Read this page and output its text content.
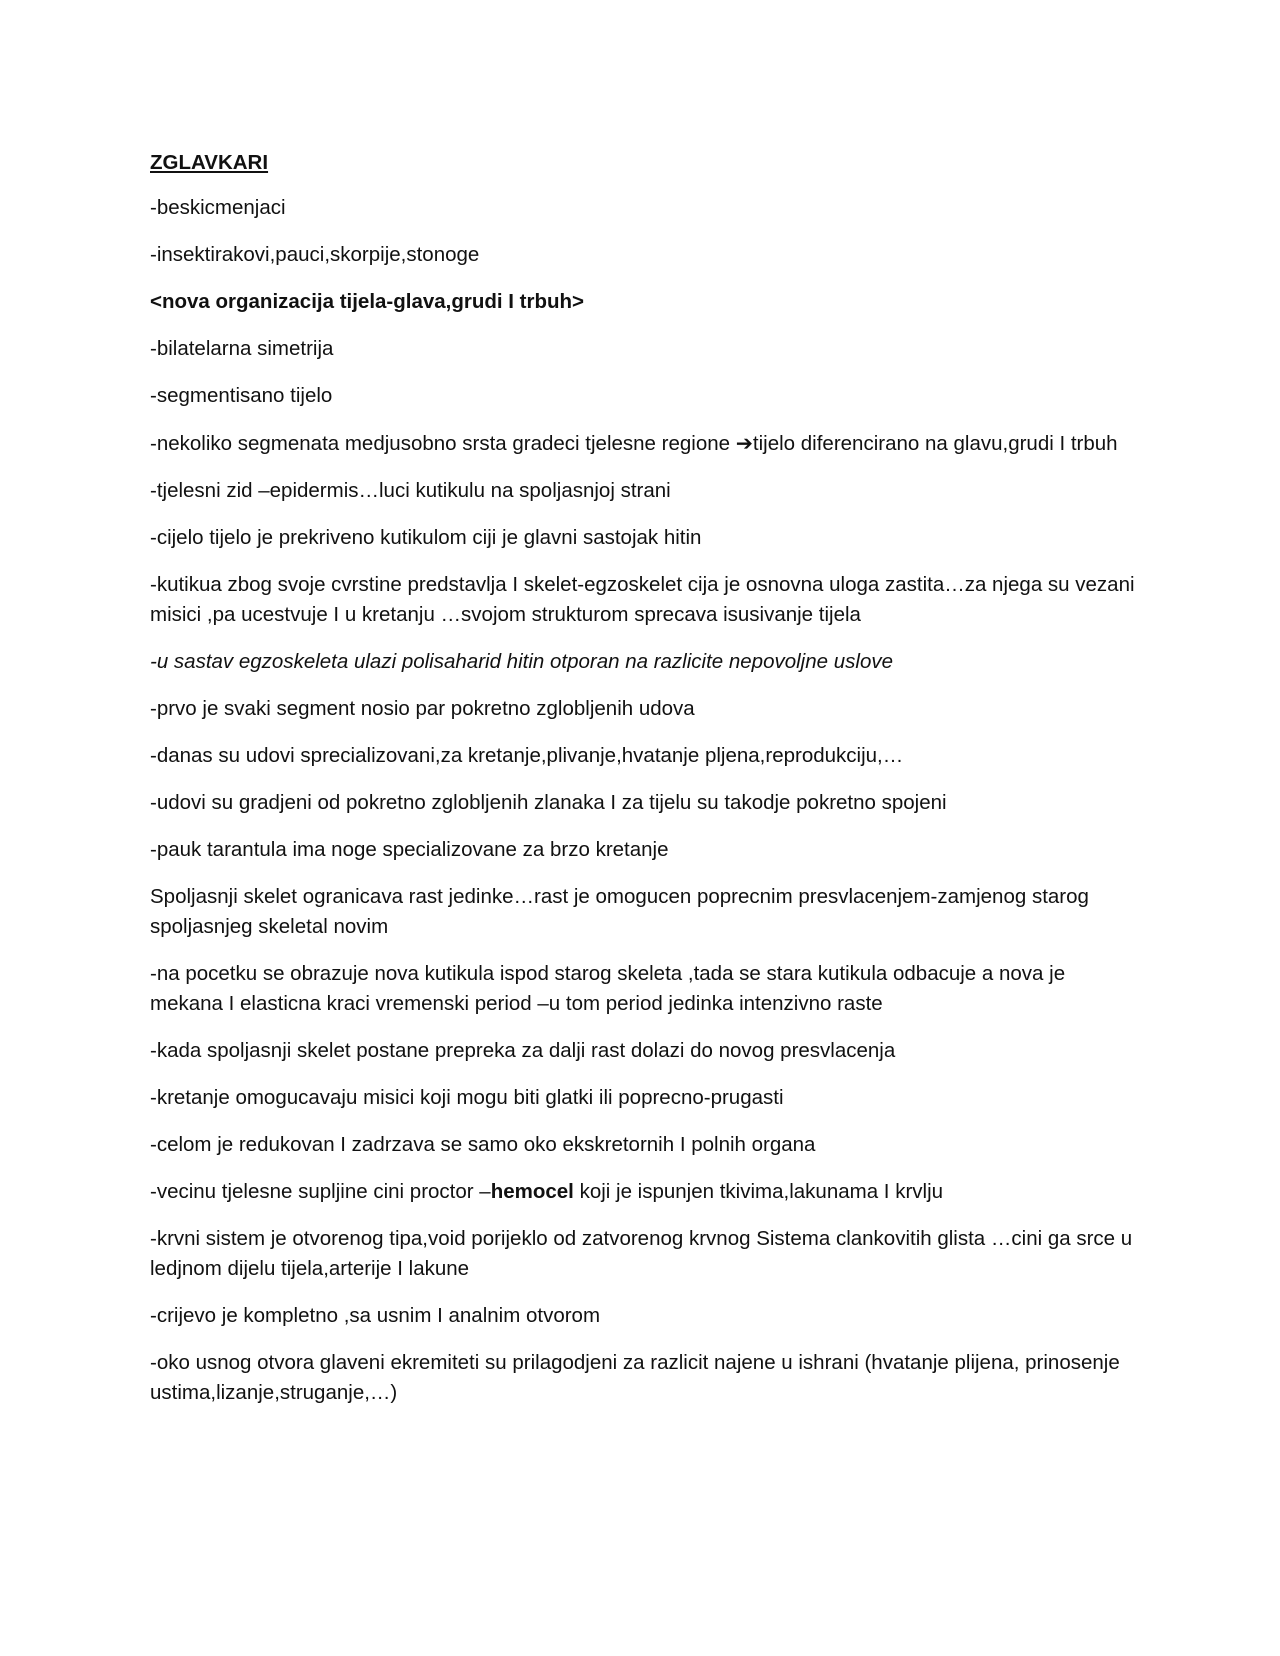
ZGLAVKARI

-beskicmenjaci

-insektirakovi,pauci,skorpije,stonoge

<nova organizacija tijela-glava,grudi I trbuh>

-bilatelarna simetrija

-segmentisano tijelo

-nekoliko segmenata medjusobno srsta gradeci tjelesne regione ➔tijelo diferencirano na glavu,grudi I trbuh

-tjelesni zid –epidermis…luci kutikulu na spoljasnjoj strani

-cijelo tijelo je prekriveno kutikulom ciji je glavni sastojak hitin

-kutikua zbog svoje cvrstine predstavlja I skelet-egzoskelet cija je osnovna uloga zastita…za njega su vezani misici ,pa ucestvuje I u kretanju …svojom strukturom sprecava isusivanje tijela

-u sastav egzoskeleta ulazi polisaharid hitin otporan na razlicite nepovoljne uslove

-prvo je svaki segment nosio par pokretno zglobljenih udova

-danas su udovi sprecializovani,za kretanje,plivanje,hvatanje pljena,reprodukciju,…

-udovi su gradjeni od pokretno zglobljenih zlanaka I za tijelu su takodje pokretno spojeni

-pauk tarantula ima noge specializovane za brzo kretanje

Spoljasnji skelet ogranicava rast jedinke…rast je omogucen poprecnim presvlacenjem-zamjenog starog spoljasnjeg skeletal novim

-na pocetku se obrazuje nova kutikula ispod starog skeleta ,tada se stara kutikula odbacuje a nova je mekana I elasticna kraci vremenski period –u tom period jedinka intenzivno raste

-kada spoljasnji skelet postane prepreka za dalji rast dolazi do novog presvlacenja

-kretanje omogucavaju misici koji mogu biti glatki ili poprecno-prugasti

-celom je redukovan I zadrzava se samo oko ekskretornih I polnih organa

-vecinu tjelesne supljine cini proctor –hemocel koji je ispunjen tkivima,lakunama I krvlju

-krvni sistem je otvorenog tipa,void porijeklo od zatvorenog krvnog Sistema clankovitih glista …cini ga srce u ledjnom dijelu tijela,arterije I lakune

-crijevo je kompletno ,sa usnim I analnim otvorom

-oko usnog otvora glaveni ekremiteti su prilagodjeni za razlicit najene u ishrani (hvatanje plijena, prinosenje ustima,lizanje,struganje,…)
